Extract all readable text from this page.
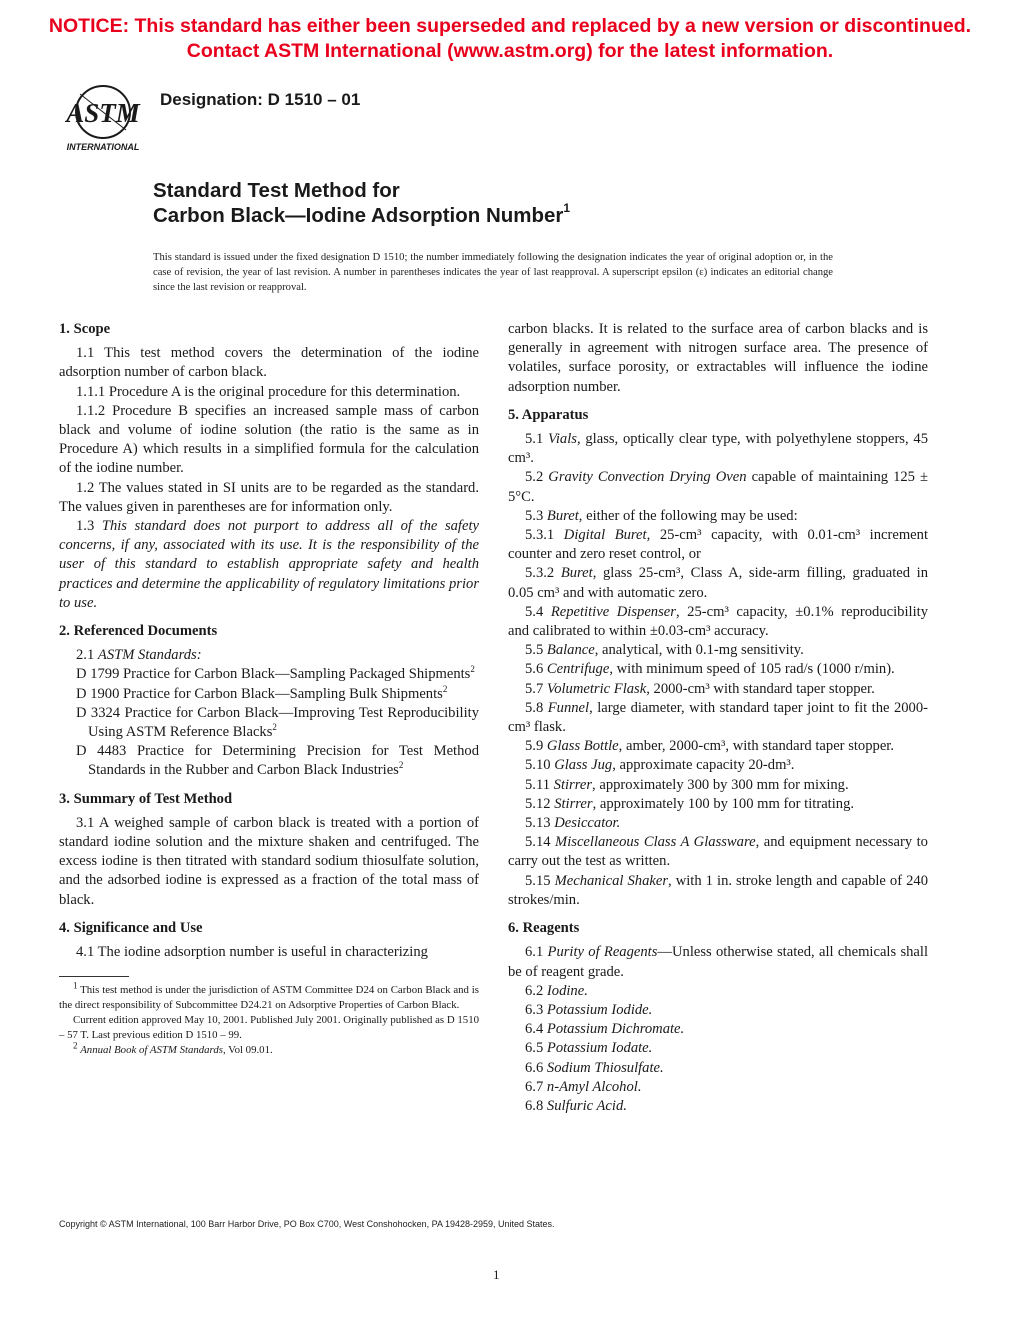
NOTICE: This standard has either been superseded and replaced by a new version or discontinued.
Contact ASTM International (www.astm.org) for the latest information.
ASTM
INTERNATIONAL
Designation: D 1510 – 01
Standard Test Method for
Carbon Black—Iodine Adsorption Number$^1$
This standard is issued under the fixed designation D 1510; the number immediately following the designation indicates the year of original adoption or, in the case of revision, the year of last revision. A number in parentheses indicates the year of last reapproval. A superscript epsilon (ε) indicates an editorial change since the last revision or reapproval.
1. Scope

1.1 This test method covers the determination of the iodine adsorption number of carbon black.

1.1.1 Procedure A is the original procedure for this determination.

1.1.2 Procedure B specifies an increased sample mass of carbon black and volume of iodine solution (the ratio is the same as in Procedure A) which results in a simplified formula for the calculation of the iodine number.

1.2 The values stated in SI units are to be regarded as the standard. The values given in parentheses are for information only.

1.3 This standard does not purport to address all of the safety concerns, if any, associated with its use. It is the responsibility of the user of this standard to establish appropriate safety and health practices and determine the applicability of regulatory limitations prior to use.

2. Referenced Documents

2.1 ASTM Standards:

D 1799 Practice for Carbon Black—Sampling Packaged Shipments$^2$

D 1900 Practice for Carbon Black—Sampling Bulk Shipments$^2$

D 3324 Practice for Carbon Black—Improving Test Reproducibility Using ASTM Reference Blacks$^2$

D 4483 Practice for Determining Precision for Test Method Standards in the Rubber and Carbon Black Industries$^2$

3. Summary of Test Method

3.1 A weighed sample of carbon black is treated with a portion of standard iodine solution and the mixture shaken and centrifuged. The excess iodine is then titrated with standard sodium thiosulfate solution, and the adsorbed iodine is expressed as a fraction of the total mass of black.

4. Significance and Use

4.1 The iodine adsorption number is useful in characterizing

$^1$ This test method is under the jurisdiction of ASTM Committee D24 on Carbon Black and is the direct responsibility of Subcommittee D24.21 on Adsorptive Properties of Carbon Black.

Current edition approved May 10, 2001. Published July 2001. Originally published as D 1510 – 57 T. Last previous edition D 1510 – 99.

$^2$ Annual Book of ASTM Standards, Vol 09.01.

carbon blacks. It is related to the surface area of carbon blacks and is generally in agreement with nitrogen surface area. The presence of volatiles, surface porosity, or extractables will influence the iodine adsorption number.

5. Apparatus

5.1 Vials, glass, optically clear type, with polyethylene stoppers, 45 cm³.

5.2 Gravity Convection Drying Oven capable of maintaining 125 ± 5°C.

5.3 Buret, either of the following may be used:

5.3.1 Digital Buret, 25-cm³ capacity, with 0.01-cm³ increment counter and zero reset control, or

5.3.2 Buret, glass 25-cm³, Class A, side-arm filling, graduated in 0.05 cm³ and with automatic zero.

5.4 Repetitive Dispenser, 25-cm³ capacity, ±0.1% reproducibility and calibrated to within ±0.03-cm³ accuracy.

5.5 Balance, analytical, with 0.1-mg sensitivity.

5.6 Centrifuge, with minimum speed of 105 rad/s (1000 r/min).

5.7 Volumetric Flask, 2000-cm³ with standard taper stopper.

5.8 Funnel, large diameter, with standard taper joint to fit the 2000-cm³ flask.

5.9 Glass Bottle, amber, 2000-cm³, with standard taper stopper.

5.10 Glass Jug, approximate capacity 20-dm³.

5.11 Stirrer, approximately 300 by 300 mm for mixing.

5.12 Stirrer, approximately 100 by 100 mm for titrating.

5.13 Desiccator.

5.14 Miscellaneous Class A Glassware, and equipment necessary to carry out the test as written.

5.15 Mechanical Shaker, with 1 in. stroke length and capable of 240 strokes/min.

6. Reagents

6.1 Purity of Reagents—Unless otherwise stated, all chemicals shall be of reagent grade.

6.2 Iodine.

6.3 Potassium Iodide.

6.4 Potassium Dichromate.

6.5 Potassium Iodate.

6.6 Sodium Thiosulfate.

6.7 n-Amyl Alcohol.

6.8 Sulfuric Acid.

Copyright © ASTM International, 100 Barr Harbor Drive, PO Box C700, West Conshohocken, PA 19428-2959, United States.
1
